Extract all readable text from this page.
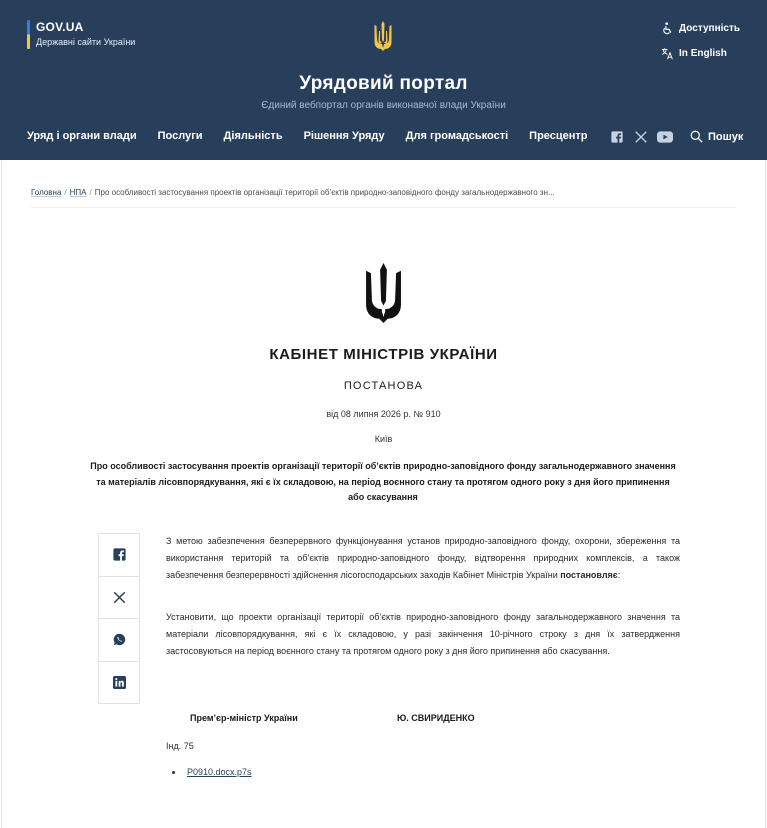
GOV.UA
Державні сайти України
Доступність
In English
Урядовий портал
Єдиний вебпортал органів виконавчої влади України
Уряд і органи влади Послуги Діяльність Рішення Уряду Для громадськості Пресцентр	Пошук
Головна / НПА / Про особливості застосування проектів організації території об’єктів природно-заповідного фонду загальнодержавного зн...
КАБІНЕТ МІНІСТРІВ УКРАЇНИ
ПОСТАНОВА
від 08 липня 2026 р. № 910
Київ
Про особливості застосування проектів організації території об’єктів природно-заповідного фонду загальнодержавного значення та матеріалів лісовпорядкування, які є їх складовою, на період воєнного стану та протягом одного року з дня його припинення або скасування
З метою забезпечення безперервного функціонування установ природно-заповідного фонду, охорони, збереження та використання територій та об’єктів природно-заповідного фонду, відтворення природних комплексів, а також забезпечення безперервності здійснення лісогосподарських заходів Кабінет Міністрів України постановляє:
Установити, що проекти організації території об’єктів природно-заповідного фонду загальнодержавного значення та матеріали лісовпорядкування, які є їх складовою, у разі закінчення 10-річного строку з дня їх затвердження застосовуються на період воєнного стану та протягом одного року з дня його припинення або скасування.
Прем’єр-міністр України	Ю. СВИРИДЕНКО
Інд. 75
P0910.docx.p7s
